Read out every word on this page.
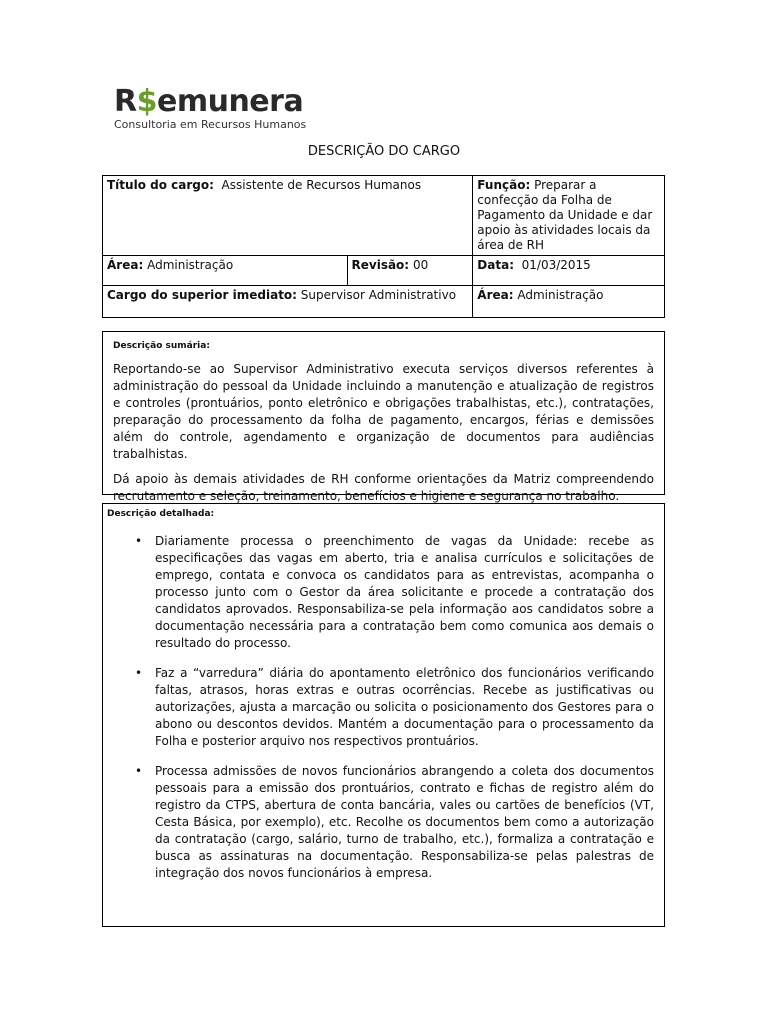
R$emunera
Consultoria em Recursos Humanos
DESCRIÇÃO DO CARGO
Título do cargo: Assistente de Recursos Humanos		Função: Preparar a confecção da Folha de Pagamento da Unidade e dar apoio às atividades locais da área de RH
Área: Administração	Revisão: 00	Data: 01/03/2015
Cargo do superior imediato: Supervisor Administrativo		Área: Administração
Descrição sumária:

Reportando-se ao Supervisor Administrativo executa serviços diversos referentes à administração do pessoal da Unidade incluindo a manutenção e atualização de registros e controles (prontuários, ponto eletrônico e obrigações trabalhistas, etc.), contratações, preparação do processamento da folha de pagamento, encargos, férias e demissões além do controle, agendamento e organização de documentos para audiências trabalhistas.

Dá apoio às demais atividades de RH conforme orientações da Matriz compreendendo recrutamento e seleção, treinamento, benefícios e higiene e segurança no trabalho.

Descrição detalhada:
• Diariamente processa o preenchimento de vagas da Unidade: recebe as especificações das vagas em aberto, tria e analisa currículos e solicitações de emprego, contata e convoca os candidatos para as entrevistas, acompanha o processo junto com o Gestor da área solicitante e procede a contratação dos candidatos aprovados. Responsabiliza-se pela informação aos candidatos sobre a documentação necessária para a contratação bem como comunica aos demais o resultado do processo.
• Faz a “varredura” diária do apontamento eletrônico dos funcionários verificando faltas, atrasos, horas extras e outras ocorrências. Recebe as justificativas ou autorizações, ajusta a marcação ou solicita o posicionamento dos Gestores para o abono ou descontos devidos. Mantém a documentação para o processamento da Folha e posterior arquivo nos respectivos prontuários.
• Processa admissões de novos funcionários abrangendo a coleta dos documentos pessoais para a emissão dos prontuários, contrato e fichas de registro além do registro da CTPS, abertura de conta bancária, vales ou cartões de benefícios (VT, Cesta Básica, por exemplo), etc. Recolhe os documentos bem como a autorização da contratação (cargo, salário, turno de trabalho, etc.), formaliza a contratação e busca as assinaturas na documentação. Responsabiliza-se pelas palestras de integração dos novos funcionários à empresa.
